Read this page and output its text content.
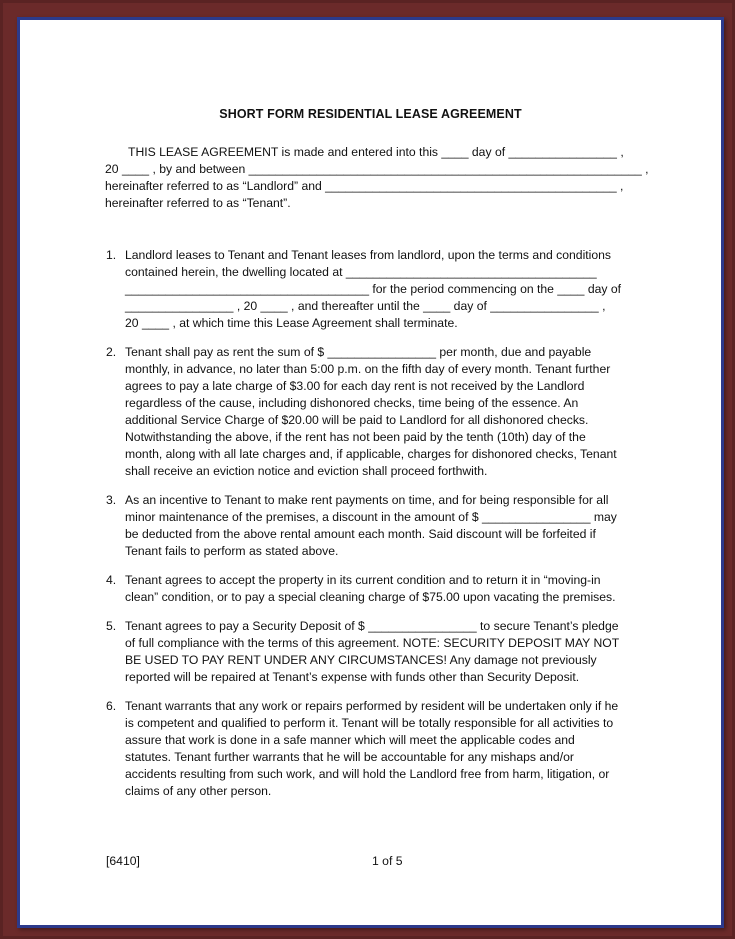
SHORT FORM RESIDENTIAL LEASE AGREEMENT
THIS LEASE AGREEMENT is made and entered into this ____ day of ________________ ,
20 ____ , by and between __________________________________________________________ ,
hereinafter referred to as “Landlord” and ___________________________________________ ,
hereinafter referred to as “Tenant”.
1. Landlord leases to Tenant and Tenant leases from landlord, upon the terms and conditions
contained herein, the dwelling located at _____________________________________
____________________________________ for the period commencing on the ____ day of
________________ , 20 ____ , and thereafter until the ____ day of ________________ ,
20 ____ , at which time this Lease Agreement shall terminate.
2. Tenant shall pay as rent the sum of $ ________________ per month, due and payable
monthly, in advance, no later than 5:00 p.m. on the fifth day of every month. Tenant further
agrees to pay a late charge of $3.00 for each day rent is not received by the Landlord
regardless of the cause, including dishonored checks, time being of the essence. An
additional Service Charge of $20.00 will be paid to Landlord for all dishonored checks.
Notwithstanding the above, if the rent has not been paid by the tenth (10th) day of the
month, along with all late charges and, if applicable, charges for dishonored checks, Tenant
shall receive an eviction notice and eviction shall proceed forthwith.
3. As an incentive to Tenant to make rent payments on time, and for being responsible for all
minor maintenance of the premises, a discount in the amount of $ ________________ may
be deducted from the above rental amount each month. Said discount will be forfeited if
Tenant fails to perform as stated above.
4. Tenant agrees to accept the property in its current condition and to return it in “moving-in
clean” condition, or to pay a special cleaning charge of $75.00 upon vacating the premises.
5. Tenant agrees to pay a Security Deposit of $ ________________ to secure Tenant’s pledge
of full compliance with the terms of this agreement. NOTE: SECURITY DEPOSIT MAY NOT
BE USED TO PAY RENT UNDER ANY CIRCUMSTANCES! Any damage not previously
reported will be repaired at Tenant’s expense with funds other than Security Deposit.
6. Tenant warrants that any work or repairs performed by resident will be undertaken only if he
is competent and qualified to perform it. Tenant will be totally responsible for all activities to
assure that work is done in a safe manner which will meet the applicable codes and
statutes. Tenant further warrants that he will be accountable for any mishaps and/or
accidents resulting from such work, and will hold the Landlord free from harm, litigation, or
claims of any other person.
[6410]	1 of 5
